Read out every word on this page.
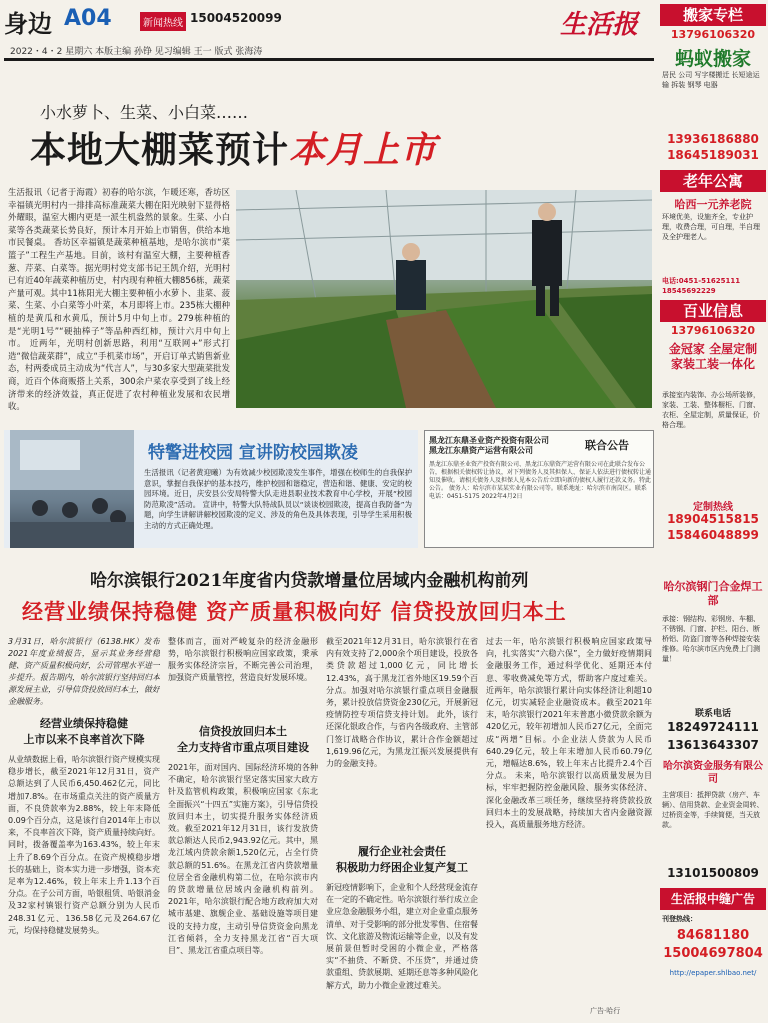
身边 A04	新闻热线 15004520099	生活报
2022・4・2 星期六 本版主编 孙铮 见习编辑 王一 版式 张海涛
小水萝卜、生菜、小白菜……
本地大棚菜预计本月上市
生活报讯（记者于海霞）初春的哈尔滨，乍暖还寒，香坊区幸福镇光明村内一排排高标准蔬菜大棚在阳光映射下显得格外耀眼，温室大棚内更是一派生机盎然的景象。生菜、小白菜等各类蔬菜长势良好，预计本月开始上市销售，供给本地市民餐桌。 香坊区幸福镇是蔬菜种植基地，是哈尔滨市“菜篮子”工程生产基地。目前，该村有温室大棚，主要种植香葱、芹菜、白菜等。据光明村党支部书记王凯介绍，光明村已有近40年蔬菜种植历史，村内现有种植大棚856栋，蔬菜产量可观。其中11栋阳光大棚主要种植小水萝卜、韭菜、菠菜、生菜、小白菜等小叶菜，本月即将上市。235栋大棚种植的是黄瓜和水黄瓜，预计5月中旬上市。279栋种植的是“光明1号”“硬抽棒子”等品种西红柿，预计六月中旬上市。 近两年，光明村创新思路，利用“互联网+”形式打造“微信蔬菜群”，成立“手机菜市场”，开启订单式销售新业态，村两委成员主动成为“代言人”，与30多家大型蔬菜批发商，近百个体商贩搭上关系，300余户菜农享受到了线上经济带来的经济效益，真正促进了农村种植业发展和农民增收。
特警进校园 宣讲防校园欺凌
生活报讯（记者黄迎曦）为有效减少校园欺凌发生事件，增强在校师生的自我保护意识，掌握自我保护的基本技巧，维护校园和谐稳定，营造和谐、健康、安定的校园环境。近日，庆安县公安局特警大队走进县职业技术教育中心学校，开展“校园防范欺凌”活动。 宣讲中，特警大队特战队员以“谈谈校园欺凌，提高自我防备”为题，向学生讲解讲解校园欺凌的定义、涉及的角色及具体表现，引导学生采用积极主动的方式正确处理。
黑龙江东鼎圣业资产投资有限公司
黑龙江东鼎资产运营有限公司	联合公告
黑龙江东鼎圣业资产投资有限公司、黑龙江东鼎资产运营有限公司在此联合发布公告，根据相关债权转让协议，对下列债务人及其担保人、保证人依法进行债权转让通知及催收。请相关债务人及担保人见本公告后立即向新的债权人履行还款义务。特此公告。 债务人：哈尔滨市某某实业有限公司等。联系地址：哈尔滨市南岗区。联系电话：0451-5175 2022年4月2日
哈尔滨银行2021年度省内贷款增量位居域内金融机构前列
经营业绩保持稳健 资产质量积极向好 信贷投放回归本土
3月31日，哈尔滨银行（6138.HK）发布2021年度业绩报告，显示其业务经营稳健、资产质量积极向好，公司管理水平进一步提升。报告期内，哈尔滨银行坚持回归本源发展主业，引导信贷投放回归本土，做好金融服务。
经营业绩保持稳健
上市以来不良率首次下降
从业绩数据上看，哈尔滨银行资产规模实现稳步增长，截至2021年12月31日，资产总额达到了人民币6,450.462亿元，同比增加7.8%。在市场重点关注的资产质量方面，不良贷款率为2.88%，较上年末降低0.09个百分点，这是该行自2014年上市以来，不良率首次下降，资产质量持续向好。同时，拨备覆盖率为163.43%，较上年末上升了8.69个百分点。在资产规模稳步增长的基础上，资本实力进一步增强，资本充足率为12.46%，较上年末上升1.13个百分点。在子公司方面，哈银租赁、哈银消金及32家村镇银行资产总额分别为人民币248.31亿元、136.58亿元及264.67亿元，均保持稳健发展势头。
整体而言，面对严峻复杂的经济金融形势，哈尔滨银行积极响应国家政策，秉承服务实体经济宗旨，不断完善公司治理，加强资产质量管控，营造良好发展环境。
信贷投放回归本土
全力支持省市重点项目建设
2021年，面对国内、国际经济环境的各种不确定，哈尔滨银行坚定落实国家大政方针及监管机构政策，积极响应国家《东北全面振兴“十四五”实施方案》，引导信贷投放回归本土，切实提升服务实体经济质效。截至2021年12月31日，该行发放贷款总额达人民币2,943.92亿元。其中，黑龙江域内贷款余额1,520亿元，占全行贷款总额的51.6%。在黑龙江省内贷款增量位居全省金融机构第二位，在哈尔滨市内的贷款增量位居域内金融机构前列。 2021年，哈尔滨银行配合地方政府加大对城市基建、旗舰企业、基础设施等项目建设的支持力度，主动引导信贷资金向黑龙江省倾斜，全力支持黑龙江省“百大项目”、黑龙江省重点项目等。
截至2021年12月31日，哈尔滨银行在省内有效支持了2,000余个项目建设，投放各类贷款超过1,000亿元，同比增长12.43%，高于黑龙江省外地区19.59个百分点。加强对哈尔滨银行重点项目金融服务，累计投放信贷资金230亿元，开展新冠疫情防控专项信贷支持计划。 此外，该行还深化银政合作，与省内各级政府、主管部门签订战略合作协议，累计合作金额超过1,619.96亿元，为黑龙江振兴发展提供有力的金融支持。
履行企业社会责任
积极助力纾困企业复产复工
新冠疫情影响下，企业和个人经营现金流存在一定的不确定性。哈尔滨银行举行成立企业应急金融服务小组，建立对企业重点服务清单、对于受影响的部分批发零售、住宿餐饮、文化旅游及物流运输等企业，以及有发展前景但暂时受困的小微企业，严格落实“不抽贷、不断贷、不压贷”，并通过贷款重组、贷款展期、延期还息等多种风险化解方式，助力小微企业渡过难关。
过去一年，哈尔滨银行积极响应国家政策导向，扎实落实“六稳六保”，全力做好疫情期间金融服务工作，通过科学优化、延期还本付息、零收费减免等方式，帮助客户度过难关。近两年，哈尔滨银行累计向实体经济让利超10亿元，切实减轻企业融资成本。截至2021年末，哈尔滨银行2021年末普惠小微贷款余额为420亿元，较年初增加人民币27亿元，全面完成“两增”目标。小企业法人贷款为人民币640.29亿元，较上年末增加人民币60.79亿元，增幅达8.6%，较上年末占比提升2.4个百分点。 未来，哈尔滨银行以高质量发展为目标，牢牢把握防控金融风险、服务实体经济、深化金融改革三项任务，继续坚持将贷款投放回归本土的发展战略，持续加大省内金融资源投入，高质量服务地方经济。
广告·哈行
搬家专栏
13796106320
蚂蚁搬家
居民 公司 写字楼搬迁 长短途运输 拆装 钢琴 电器
13936186880
18645189031
老年公寓
哈西一元养老院
环境优美，设施齐全，专业护理，收费合理，可自理，半自理及全护理老人。
电话:0451-51625111 18545692229
百业信息
13796106320
金冠家 全屋定制 家装工装一体化
承接室内装饰、办公场所装修，家装、工装、整体橱柜、门窗、衣柜、全屋定制，质量保证，价格合理。
定制热线
18904515815
15846048899
哈尔滨钢门合金焊工部
承接：钢结构、彩钢房、车棚、不锈钢、门窗、护栏、阳台、断桥铝、防盗门窗等各种焊接安装维修。哈尔滨市区内免费上门测量！
联系电话
18249724111
13613643307
哈尔滨资金服务有限公司
主营项目：抵押贷款（房产、车辆）、信用贷款、企业资金周转、过桥资金等，手续简便，当天放款。
13101500809
生活报中缝广告
刊登热线：
84681180
15004697804
http://epaper.shlbao.net/
